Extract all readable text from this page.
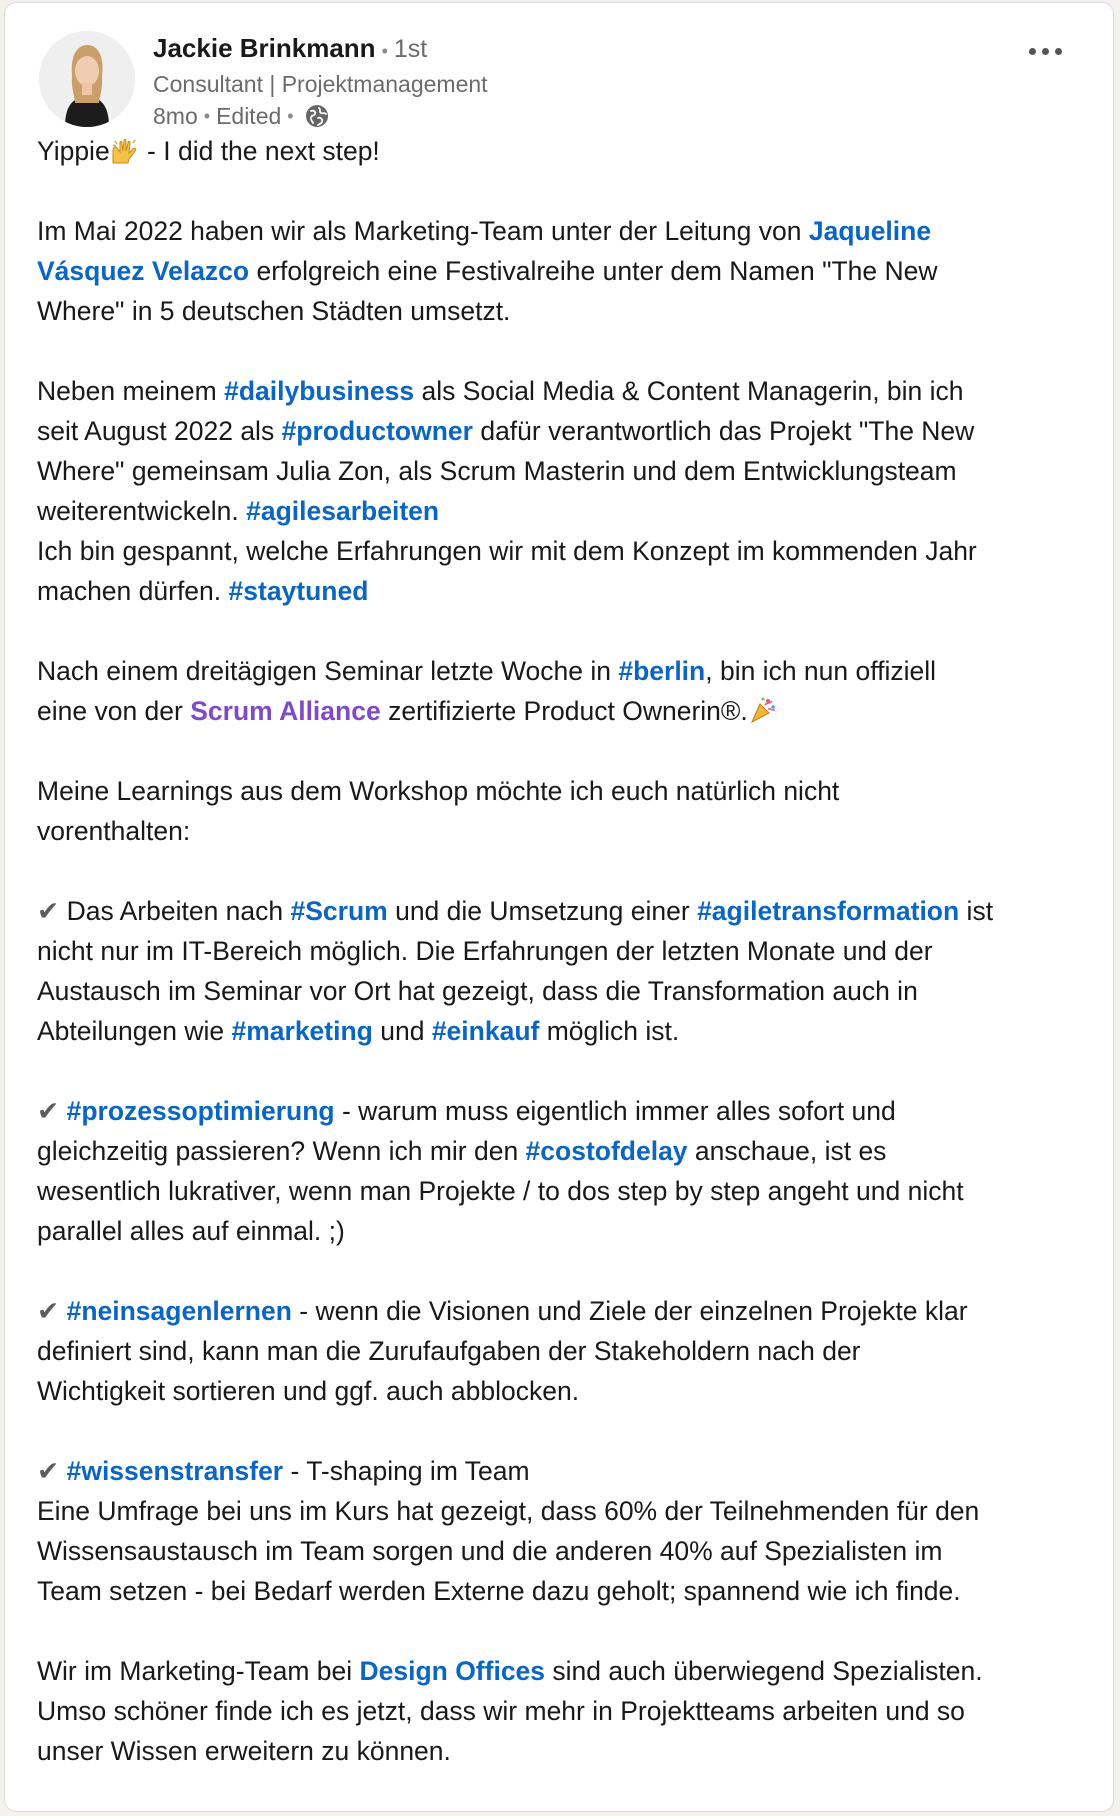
Jackie Brinkmann • 1st
Consultant | Projektmanagement
8mo • Edited •

Yippie - I did the next step!

Im Mai 2022 haben wir als Marketing-Team unter der Leitung von Jaqueline
Vásquez Velazco erfolgreich eine Festivalreihe unter dem Namen "The New
Where" in 5 deutschen Städten umsetzt.

Neben meinem #dailybusiness als Social Media & Content Managerin, bin ich
seit August 2022 als #productowner dafür verantwortlich das Projekt "The New
Where" gemeinsam Julia Zon, als Scrum Masterin und dem Entwicklungsteam
weiterentwickeln. #agilesarbeiten
Ich bin gespannt, welche Erfahrungen wir mit dem Konzept im kommenden Jahr
machen dürfen. #staytuned

Nach einem dreitägigen Seminar letzte Woche in #berlin, bin ich nun offiziell
eine von der Scrum Alliance zertifizierte Product Ownerin®.

Meine Learnings aus dem Workshop möchte ich euch natürlich nicht
vorenthalten:

✔ Das Arbeiten nach #Scrum und die Umsetzung einer #agiletransformation ist
nicht nur im IT-Bereich möglich. Die Erfahrungen der letzten Monate und der
Austausch im Seminar vor Ort hat gezeigt, dass die Transformation auch in
Abteilungen wie #marketing und #einkauf möglich ist.

✔ #prozessoptimierung - warum muss eigentlich immer alles sofort und
gleichzeitig passieren? Wenn ich mir den #costofdelay anschaue, ist es
wesentlich lukrativer, wenn man Projekte / to dos step by step angeht und nicht
parallel alles auf einmal. ;)

✔ #neinsagenlernen - wenn die Visionen und Ziele der einzelnen Projekte klar
definiert sind, kann man die Zurufaufgaben der Stakeholdern nach der
Wichtigkeit sortieren und ggf. auch abblocken.

✔ #wissenstransfer - T-shaping im Team
Eine Umfrage bei uns im Kurs hat gezeigt, dass 60% der Teilnehmenden für den
Wissensaustausch im Team sorgen und die anderen 40% auf Spezialisten im
Team setzen - bei Bedarf werden Externe dazu geholt; spannend wie ich finde.

Wir im Marketing-Team bei Design Offices sind auch überwiegend Spezialisten.
Umso schöner finde ich es jetzt, dass wir mehr in Projektteams arbeiten und so
unser Wissen erweitern zu können.
